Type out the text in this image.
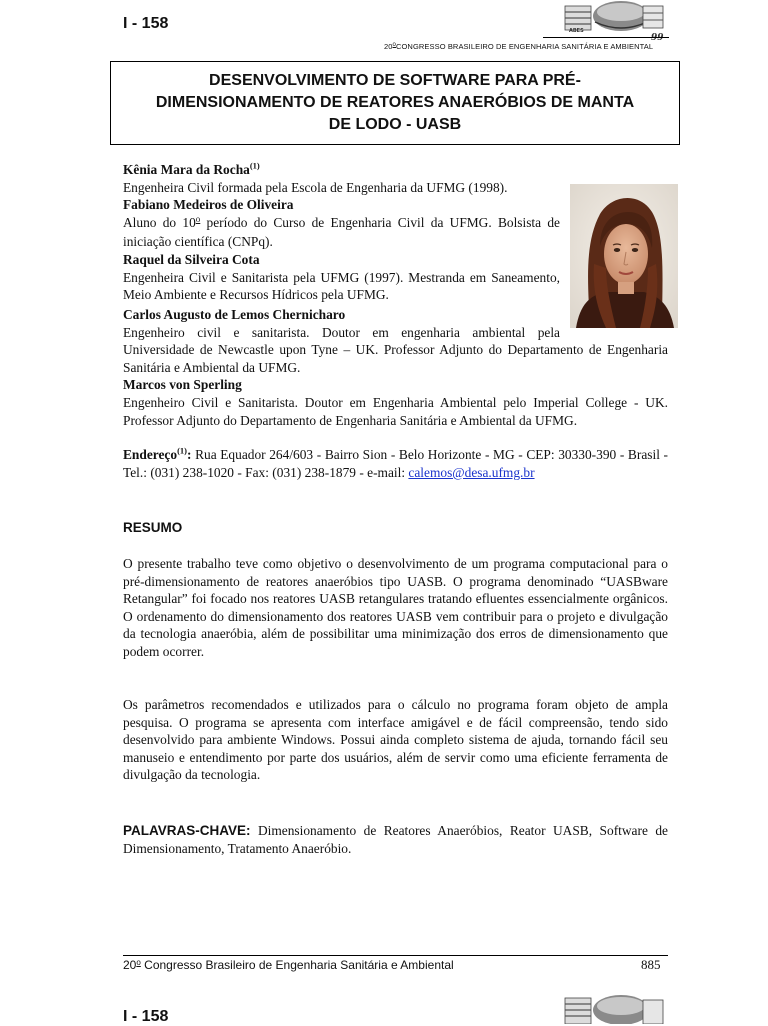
I - 158	ABES
20$^o$CONGRESSO BRASILEIRO DE ENGENHARIA SANITÁRIA E AMBIENTAL
DESENVOLVIMENTO DE SOFTWARE PARA PRÉ-
DIMENSIONAMENTO DE REATORES ANAERÓBIOS DE MANTA
DE LODO - UASB

Kênia Mara da Rocha$^{(1)}$

Engenheira Civil formada pela Escola de Engenharia da UFMG (1998).

Fabiano Medeiros de Oliveira

Aluno do 10$^o$ período do Curso de Engenharia Civil da UFMG. Bolsista de iniciação científica (CNPq).

Raquel da Silveira Cota

Engenheira Civil e Sanitarista pela UFMG (1997). Mestranda em Saneamento, Meio Ambiente e Recursos Hídricos pela UFMG.

Carlos Augusto de Lemos Chernicharo

Engenheiro civil e sanitarista. Doutor em engenharia ambiental pela

Universidade de Newcastle upon Tyne – UK. Professor Adjunto do Departamento de Engenharia Sanitária e Ambiental da UFMG.

Marcos von Sperling

Engenheiro Civil e Sanitarista. Doutor em Engenharia Ambiental pelo Imperial College - UK. Professor Adjunto do Departamento de Engenharia Sanitária e Ambiental da UFMG.

Endereço$^{(1)}$: Rua Equador 264/603 - Bairro Sion - Belo Horizonte - MG - CEP: 30330-390 - Brasil - Tel.: (031) 238-1020 - Fax: (031) 238-1879 - e-mail: calemos@desa.ufmg.br
RESUMO
O presente trabalho teve como objetivo o desenvolvimento de um programa computacional para o pré-dimensionamento de reatores anaeróbios tipo UASB. O programa denominado “UASBware Retangular” foi focado nos reatores UASB retangulares tratando efluentes essencialmente orgânicos. O ordenamento do dimensionamento dos reatores UASB vem contribuir para o projeto e divulgação da tecnologia anaeróbia, além de possibilitar uma minimização dos erros de dimensionamento que podem ocorrer.
Os parâmetros recomendados e utilizados para o cálculo no programa foram objeto de ampla pesquisa. O programa se apresenta com interface amigável e de fácil compreensão, tendo sido desenvolvido para ambiente Windows. Possui ainda completo sistema de ajuda, tornando fácil seu manuseio e entendimento por parte dos usuários, além de servir como uma eficiente ferramenta de divulgação da tecnologia.
PALAVRAS-CHAVE: Dimensionamento de Reatores Anaeróbios, Reator UASB, Software de Dimensionamento, Tratamento Anaeróbio.
20$^o$ Congresso Brasileiro de Engenharia Sanitária e Ambiental	885
I - 158
